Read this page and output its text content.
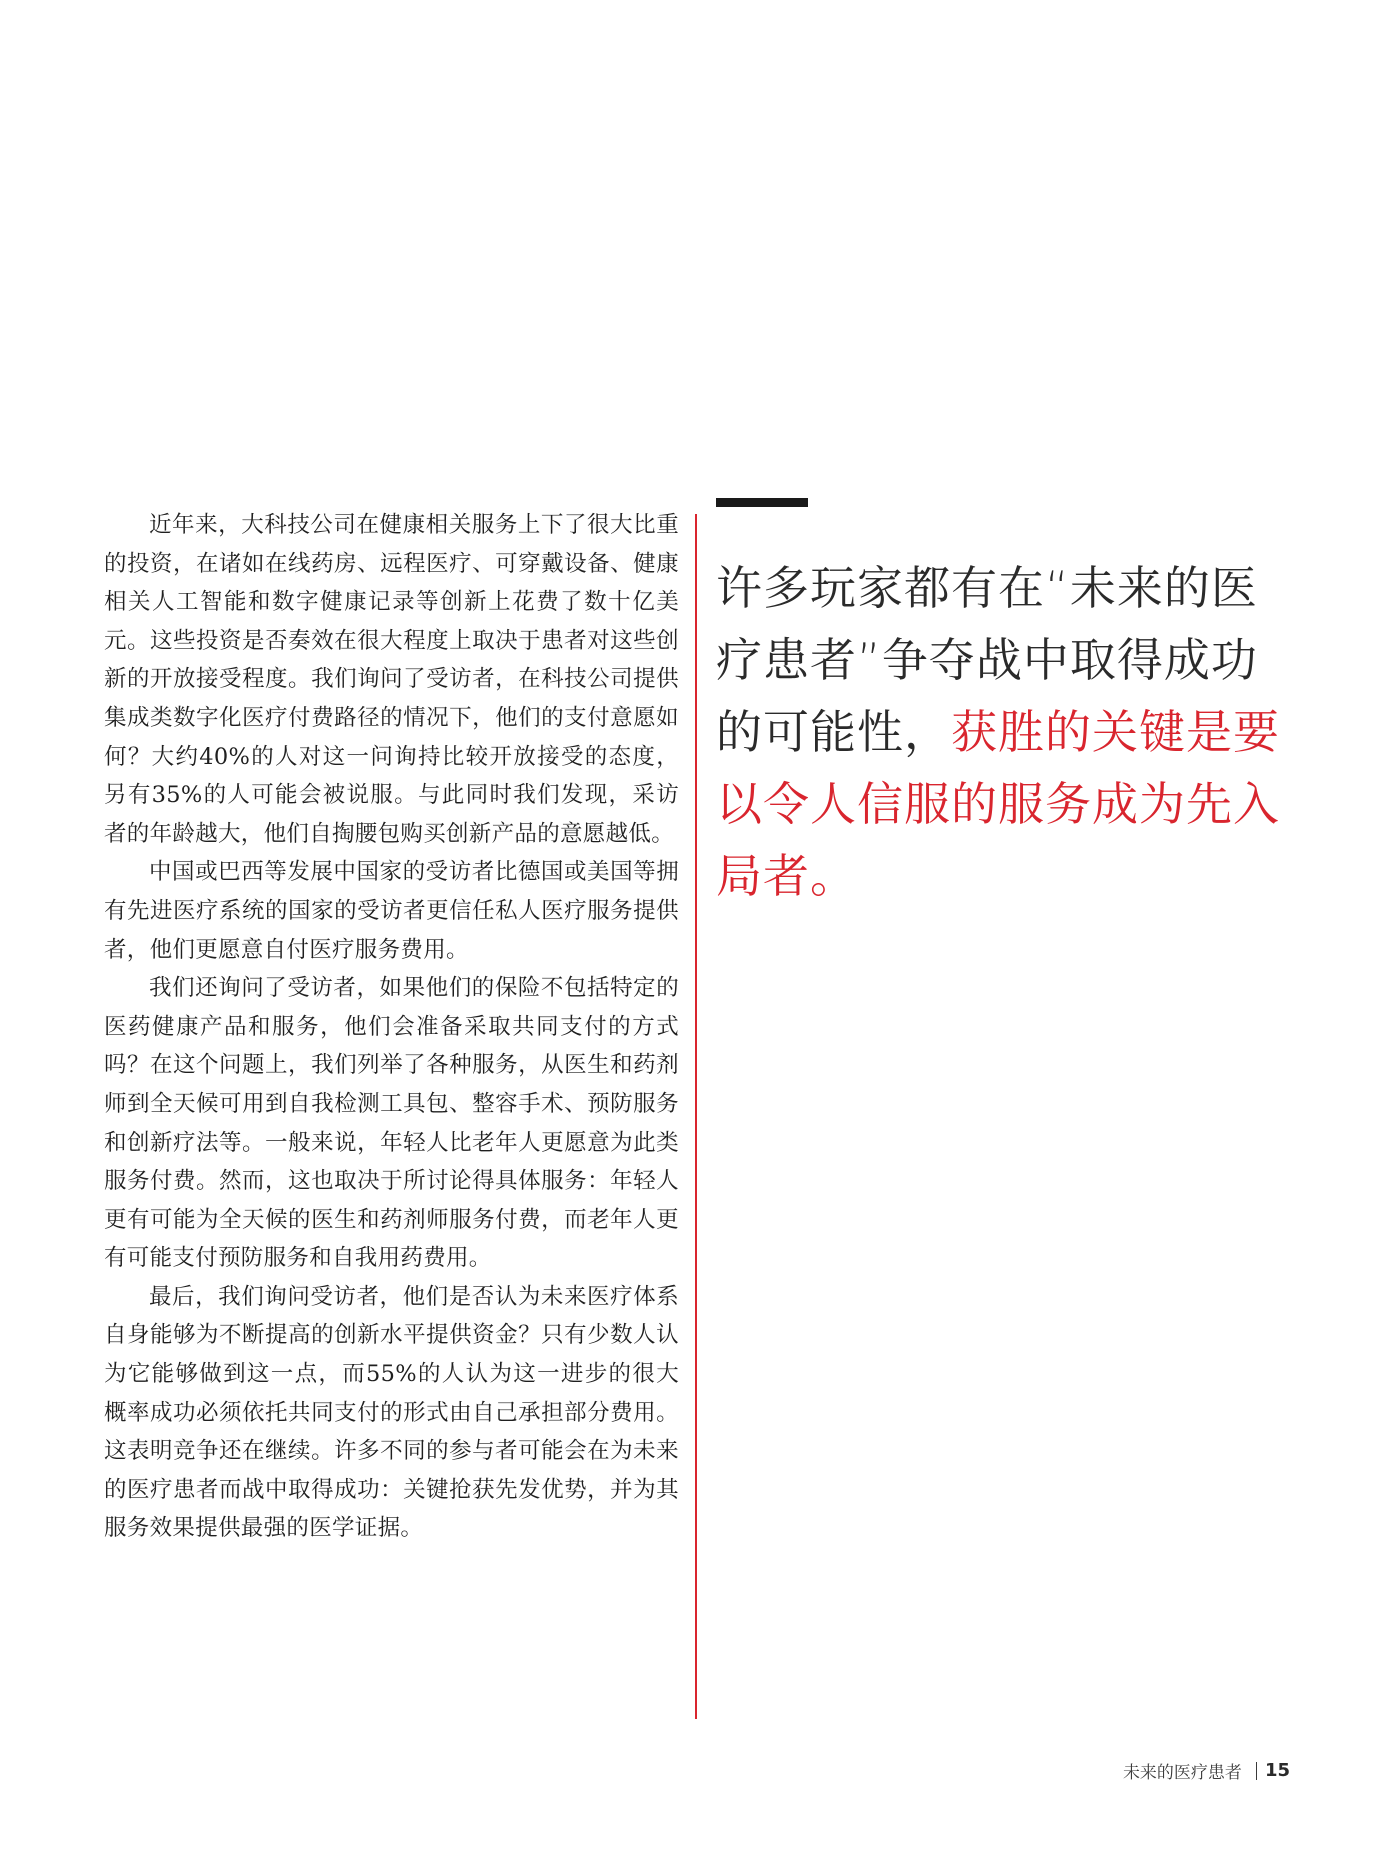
近年来，大科技公司在健康相关服务上下了很大比重的投资，在诸如在线药房、远程医疗、可穿戴设备、健康相关人工智能和数字健康记录等创新上花费了数十亿美元。这些投资是否奏效在很大程度上取决于患者对这些创新的开放接受程度。我们询问了受访者，在科技公司提供集成类数字化医疗付费路径的情况下，他们的支付意愿如何？大约40%的人对这一问询持比较开放接受的态度，另有35%的人可能会被说服。与此同时我们发现，采访者的年龄越大，他们自掏腰包购买创新产品的意愿越低。

中国或巴西等发展中国家的受访者比德国或美国等拥有先进医疗系统的国家的受访者更信任私人医疗服务提供者，他们更愿意自付医疗服务费用。

我们还询问了受访者，如果他们的保险不包括特定的医药健康产品和服务，他们会准备采取共同支付的方式吗？在这个问题上，我们列举了各种服务，从医生和药剂师到全天候可用到自我检测工具包、整容手术、预防服务和创新疗法等。一般来说，年轻人比老年人更愿意为此类服务付费。然而，这也取决于所讨论得具体服务：年轻人更有可能为全天候的医生和药剂师服务付费，而老年人更有可能支付预防服务和自我用药费用。

最后，我们询问受访者，他们是否认为未来医疗体系自身能够为不断提高的创新水平提供资金？只有少数人认为它能够做到这一点，而55%的人认为这一进步的很大概率成功必须依托共同支付的形式由自己承担部分费用。这表明竞争还在继续。许多不同的参与者可能会在为未来的医疗患者而战中取得成功：关键抢获先发优势，并为其服务效果提供最强的医学证据。

许多玩家都有在“未来的医疗患者”争夺战中取得成功的可能性，获胜的关键是要以令人信服的服务成为先入局者。
未来的医疗患者 15
